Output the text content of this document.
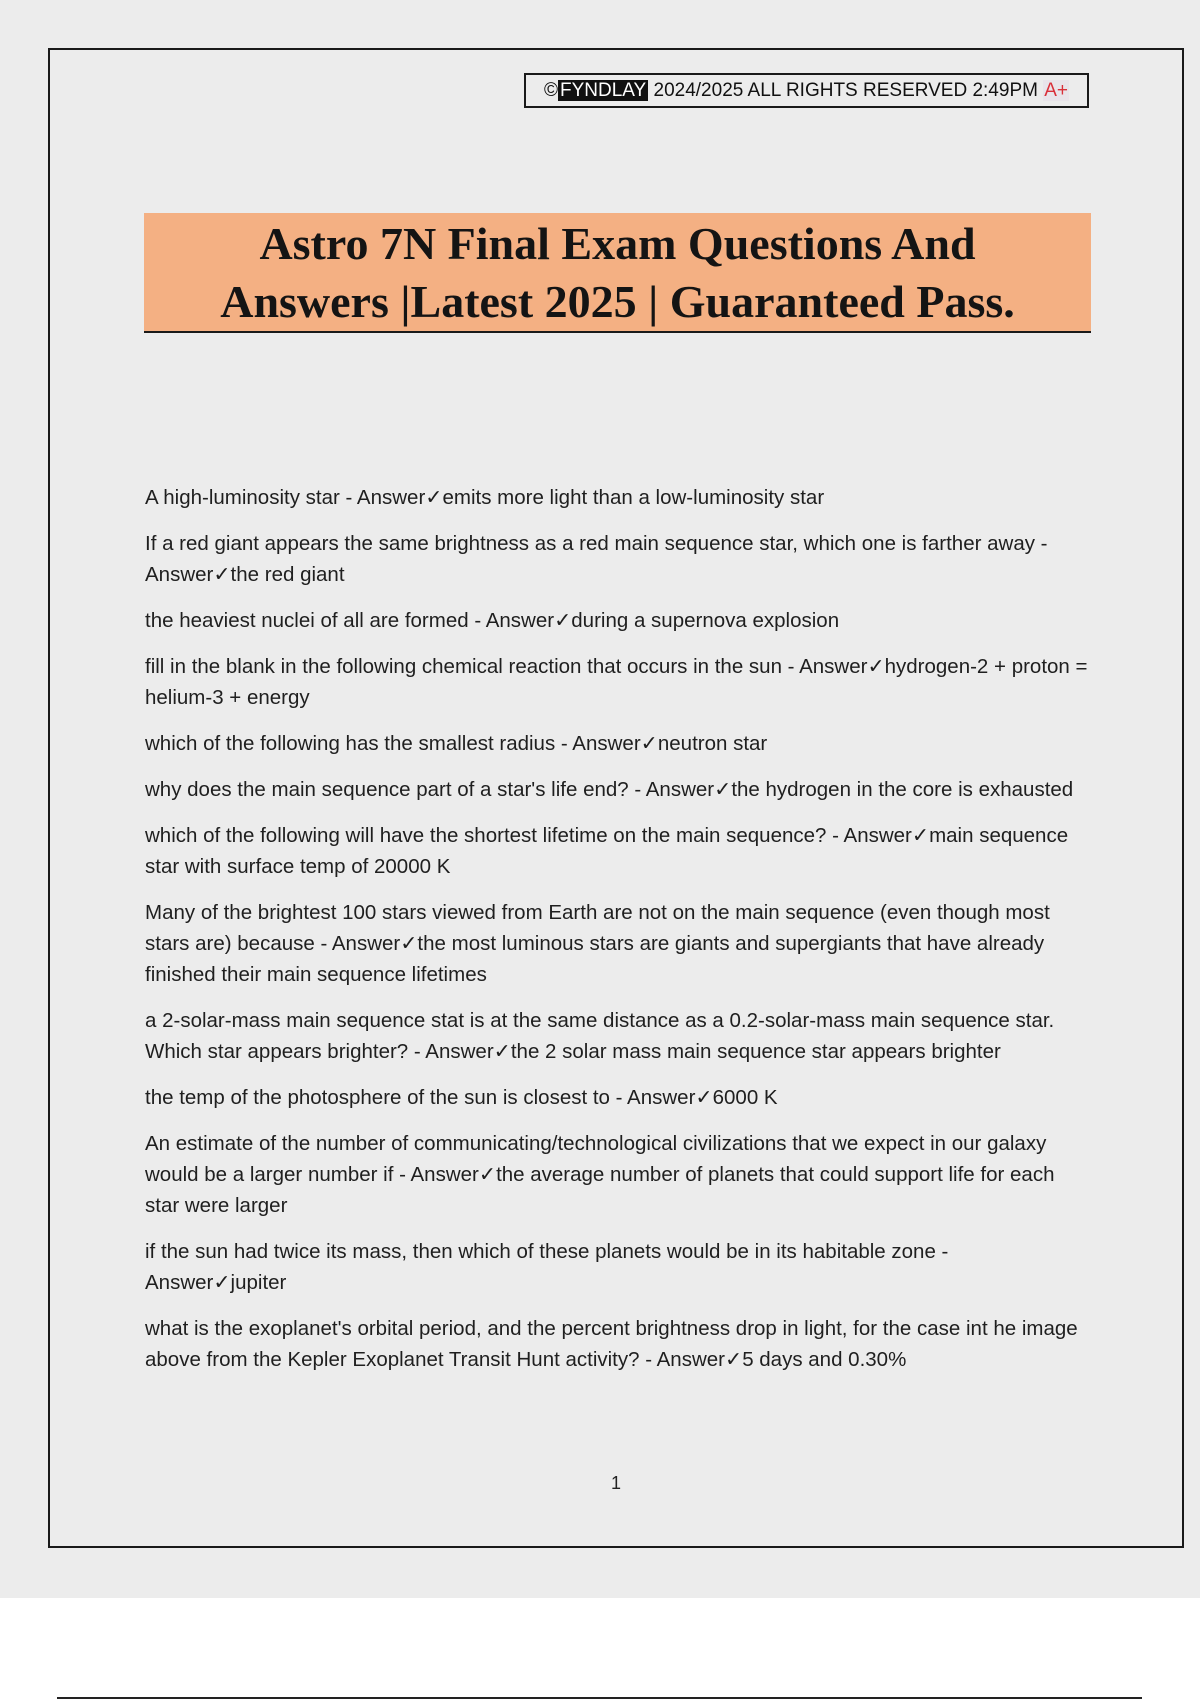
© FYNDLAY 2024/2025 ALL RIGHTS RESERVED 2:49PM A+
Astro 7N Final Exam Questions And
Answers |Latest 2025 | Guaranteed Pass.
A high-luminosity star - Answer✓emits more light than a low-luminosity star
If a red giant appears the same brightness as a red main sequence star, which one is farther away - Answer✓the red giant
the heaviest nuclei of all are formed - Answer✓during a supernova explosion
fill in the blank in the following chemical reaction that occurs in the sun - Answer✓hydrogen-2 + proton = helium-3 + energy
which of the following has the smallest radius - Answer✓neutron star
why does the main sequence part of a star's life end? - Answer✓the hydrogen in the core is exhausted
which of the following will have the shortest lifetime on the main sequence? - Answer✓main sequence star with surface temp of 20000 K
Many of the brightest 100 stars viewed from Earth are not on the main sequence (even though most stars are) because - Answer✓the most luminous stars are giants and supergiants that have already finished their main sequence lifetimes
a 2-solar-mass main sequence stat is at the same distance as a 0.2-solar-mass main sequence star. Which star appears brighter? - Answer✓the 2 solar mass main sequence star appears brighter
the temp of the photosphere of the sun is closest to - Answer✓6000 K
An estimate of the number of communicating/technological civilizations that we expect in our galaxy would be a larger number if - Answer✓the average number of planets that could support life for each star were larger
if the sun had twice its mass, then which of these planets would be in its habitable zone - Answer✓jupiter
what is the exoplanet's orbital period, and the percent brightness drop in light, for the case int he image above from the Kepler Exoplanet Transit Hunt activity? - Answer✓5 days and 0.30%
1
